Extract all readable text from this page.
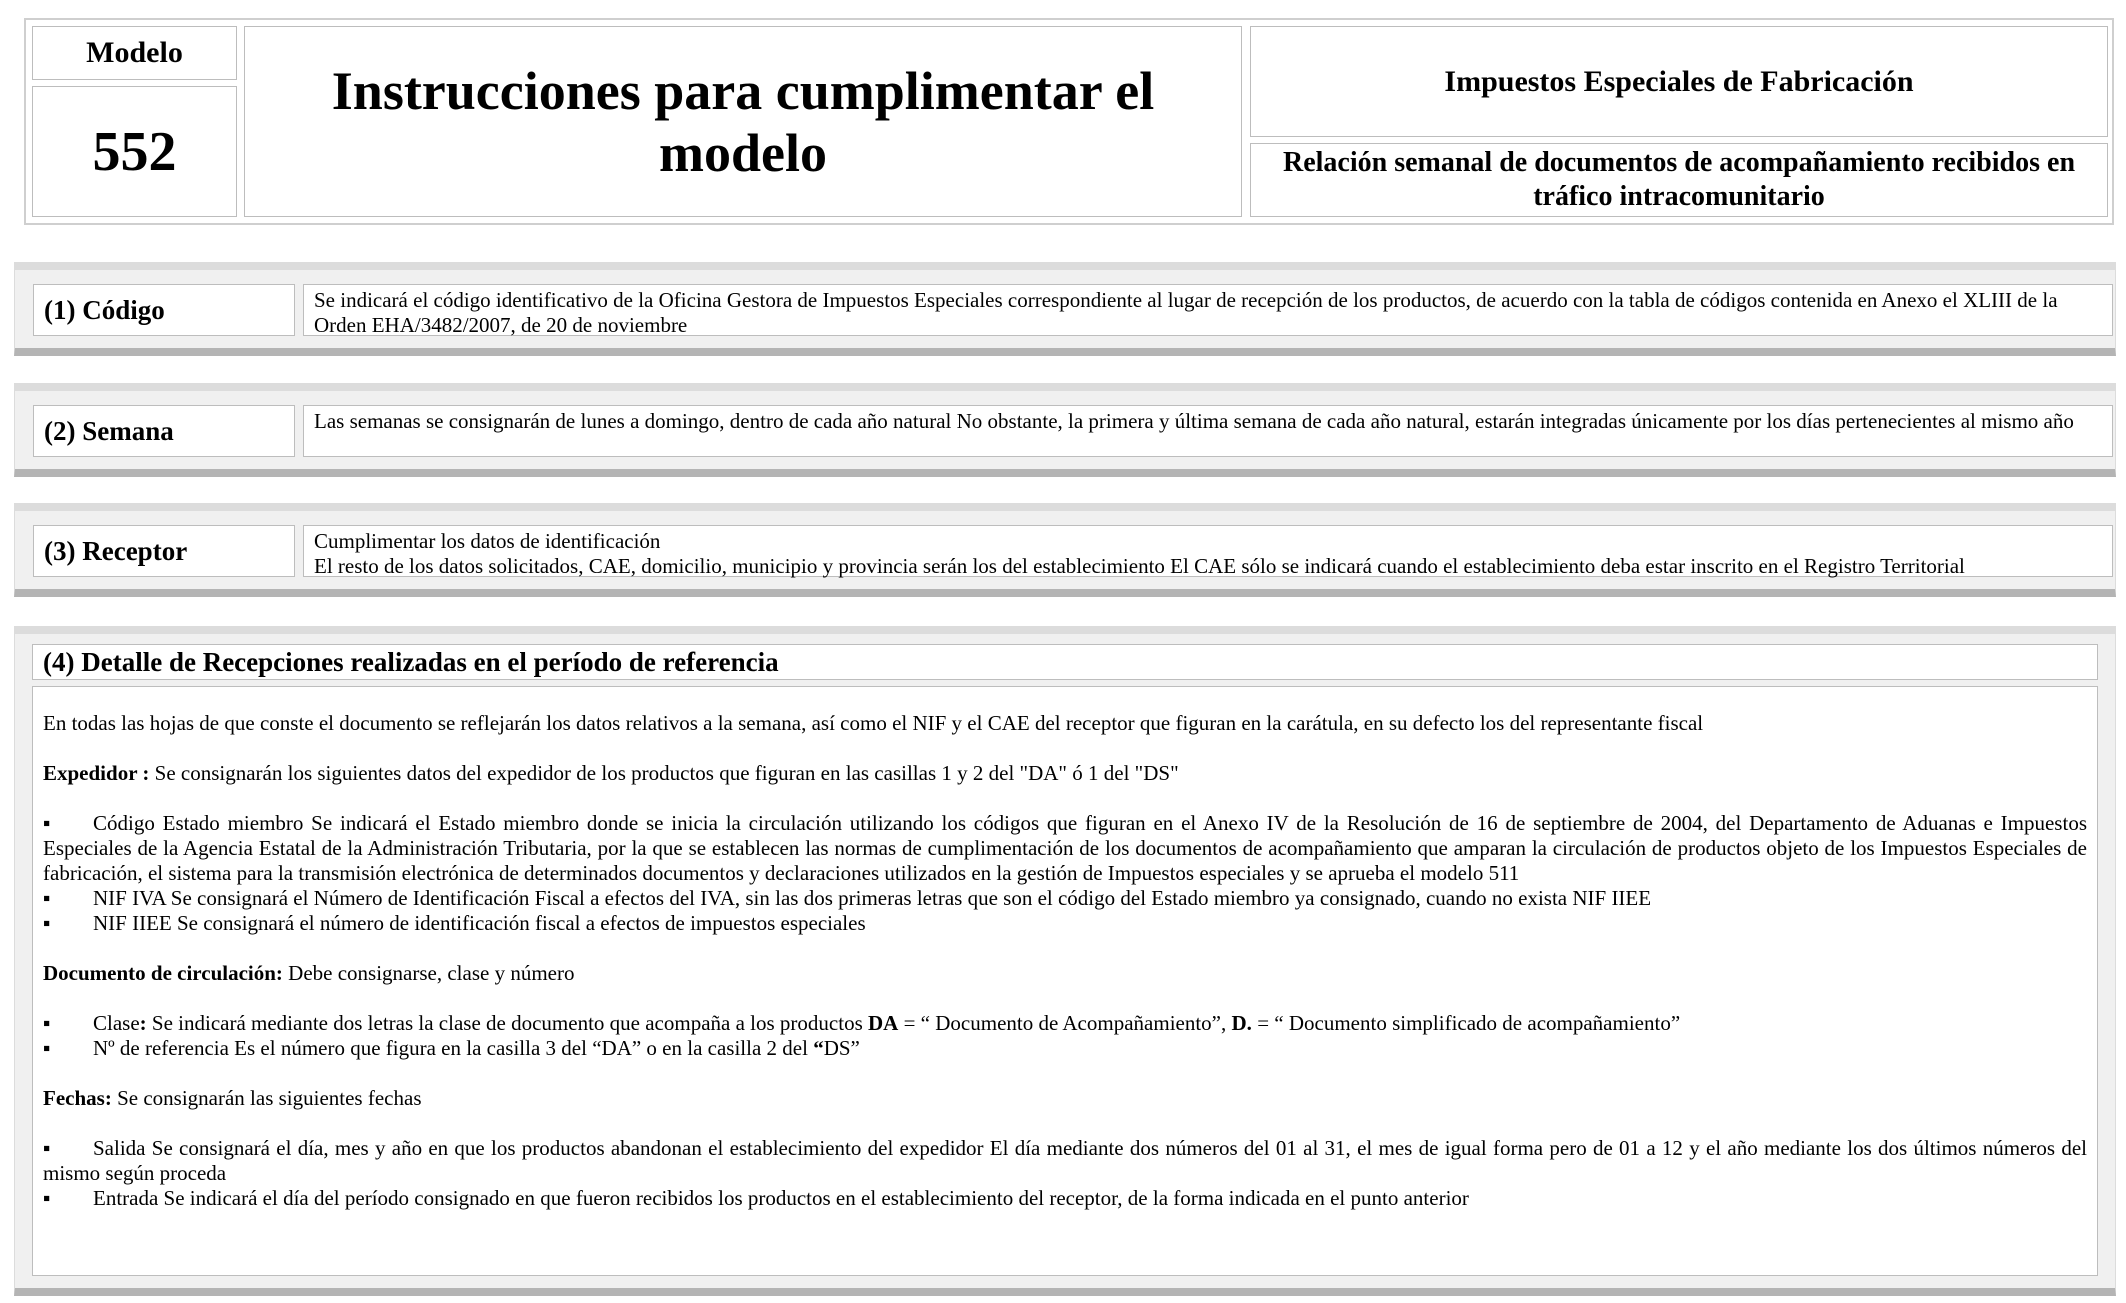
Modelo
552
Instrucciones para cumplimentar el modelo
Impuestos Especiales de Fabricación
Relación semanal de documentos de acompañamiento recibidos en tráfico intracomunitario
(1) Código	Se indicará el código identificativo de la Oficina Gestora de Impuestos Especiales correspondiente al lugar de recepción de los productos, de acuerdo con la tabla de códigos contenida en Anexo el XLIII de la Orden EHA/3482/2007, de 20 de noviembre
(2) Semana	Las semanas se consignarán de lunes a domingo, dentro de cada año natural No obstante, la primera y última semana de cada año natural, estarán integradas únicamente por los días pertenecientes al mismo año
(3) Receptor	Cumplimentar los datos de identificación
El resto de los datos solicitados, CAE, domicilio, municipio y provincia serán los del establecimiento El CAE sólo se indicará cuando el establecimiento deba estar inscrito en el Registro Territorial
(4) Detalle de Recepciones realizadas en el período de referencia

En todas las hojas de que conste el documento se reflejarán los datos relativos a la semana, así como el NIF y el CAE del receptor que figuran en la carátula, en su defecto los del representante fiscal

Expedidor : Se consignarán los siguientes datos del expedidor de los productos que figuran en las casillas 1 y 2 del "DA" ó 1 del "DS"

▪ Código Estado miembro Se indicará el Estado miembro donde se inicia la circulación utilizando los códigos que figuran en el Anexo IV de la Resolución de 16 de septiembre de 2004, del Departamento de Aduanas e Impuestos Especiales de la Agencia Estatal de la Administración Tributaria, por la que se establecen las normas de cumplimentación de los documentos de acompañamiento que amparan la circulación de productos objeto de los Impuestos Especiales de fabricación, el sistema para la transmisión electrónica de determinados documentos y declaraciones utilizados en la gestión de Impuestos especiales y se aprueba el modelo 511

▪ NIF IVA Se consignará el Número de Identificación Fiscal a efectos del IVA, sin las dos primeras letras que son el código del Estado miembro ya consignado, cuando no exista NIF IIEE

▪ NIF IIEE Se consignará el número de identificación fiscal a efectos de impuestos especiales

Documento de circulación: Debe consignarse, clase y número

▪ Clase: Se indicará mediante dos letras la clase de documento que acompaña a los productos DA = “ Documento de Acompañamiento”, D. = “ Documento simplificado de acompañamiento”

▪ Nº de referencia Es el número que figura en la casilla 3 del “DA” o en la casilla 2 del “DS”

Fechas: Se consignarán las siguientes fechas

▪ Salida Se consignará el día, mes y año en que los productos abandonan el establecimiento del expedidor El día mediante dos números del 01 al 31, el mes de igual forma pero de 01 a 12 y el año mediante los dos últimos números del mismo según proceda

▪ Entrada Se indicará el día del período consignado en que fueron recibidos los productos en el establecimiento del receptor, de la forma indicada en el punto anterior
